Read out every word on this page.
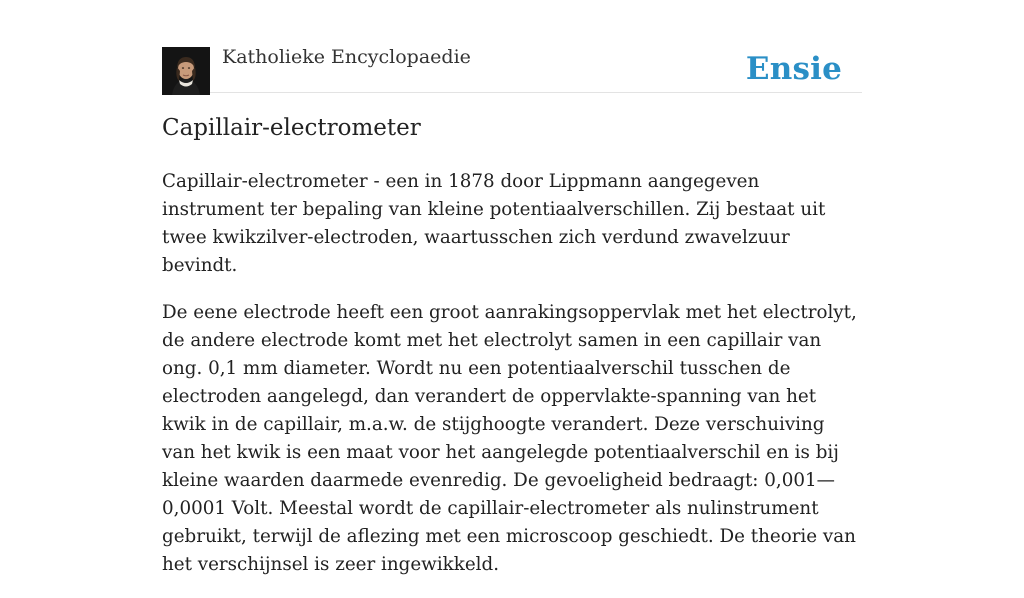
Katholieke Encyclopaedie	Ensie
Capillair-electrometer

Capillair-electrometer - een in 1878 door Lippmann aangegeven instrument ter bepaling van kleine potentiaalverschillen. Zij bestaat uit twee kwikzilver-electroden, waartusschen zich verdund zwavelzuur bevindt.

De eene electrode heeft een groot aanrakingsoppervlak met het electrolyt, de andere electrode komt met het electrolyt samen in een capillair van ong. 0,1 mm diameter. Wordt nu een potentiaalverschil tusschen de electroden aangelegd, dan verandert de oppervlakte-spanning van het kwik in de capillair, m.a.w. de stijghoogte verandert. Deze verschuiving van het kwik is een maat voor het aangelegde potentiaalverschil en is bij kleine waarden daarmede evenredig. De gevoeligheid bedraagt: 0,001—0,0001 Volt. Meestal wordt de capillair-electrometer als nulinstrument gebruikt, terwijl de aflezing met een microscoop geschiedt. De theorie van het verschijnsel is zeer ingewikkeld.
